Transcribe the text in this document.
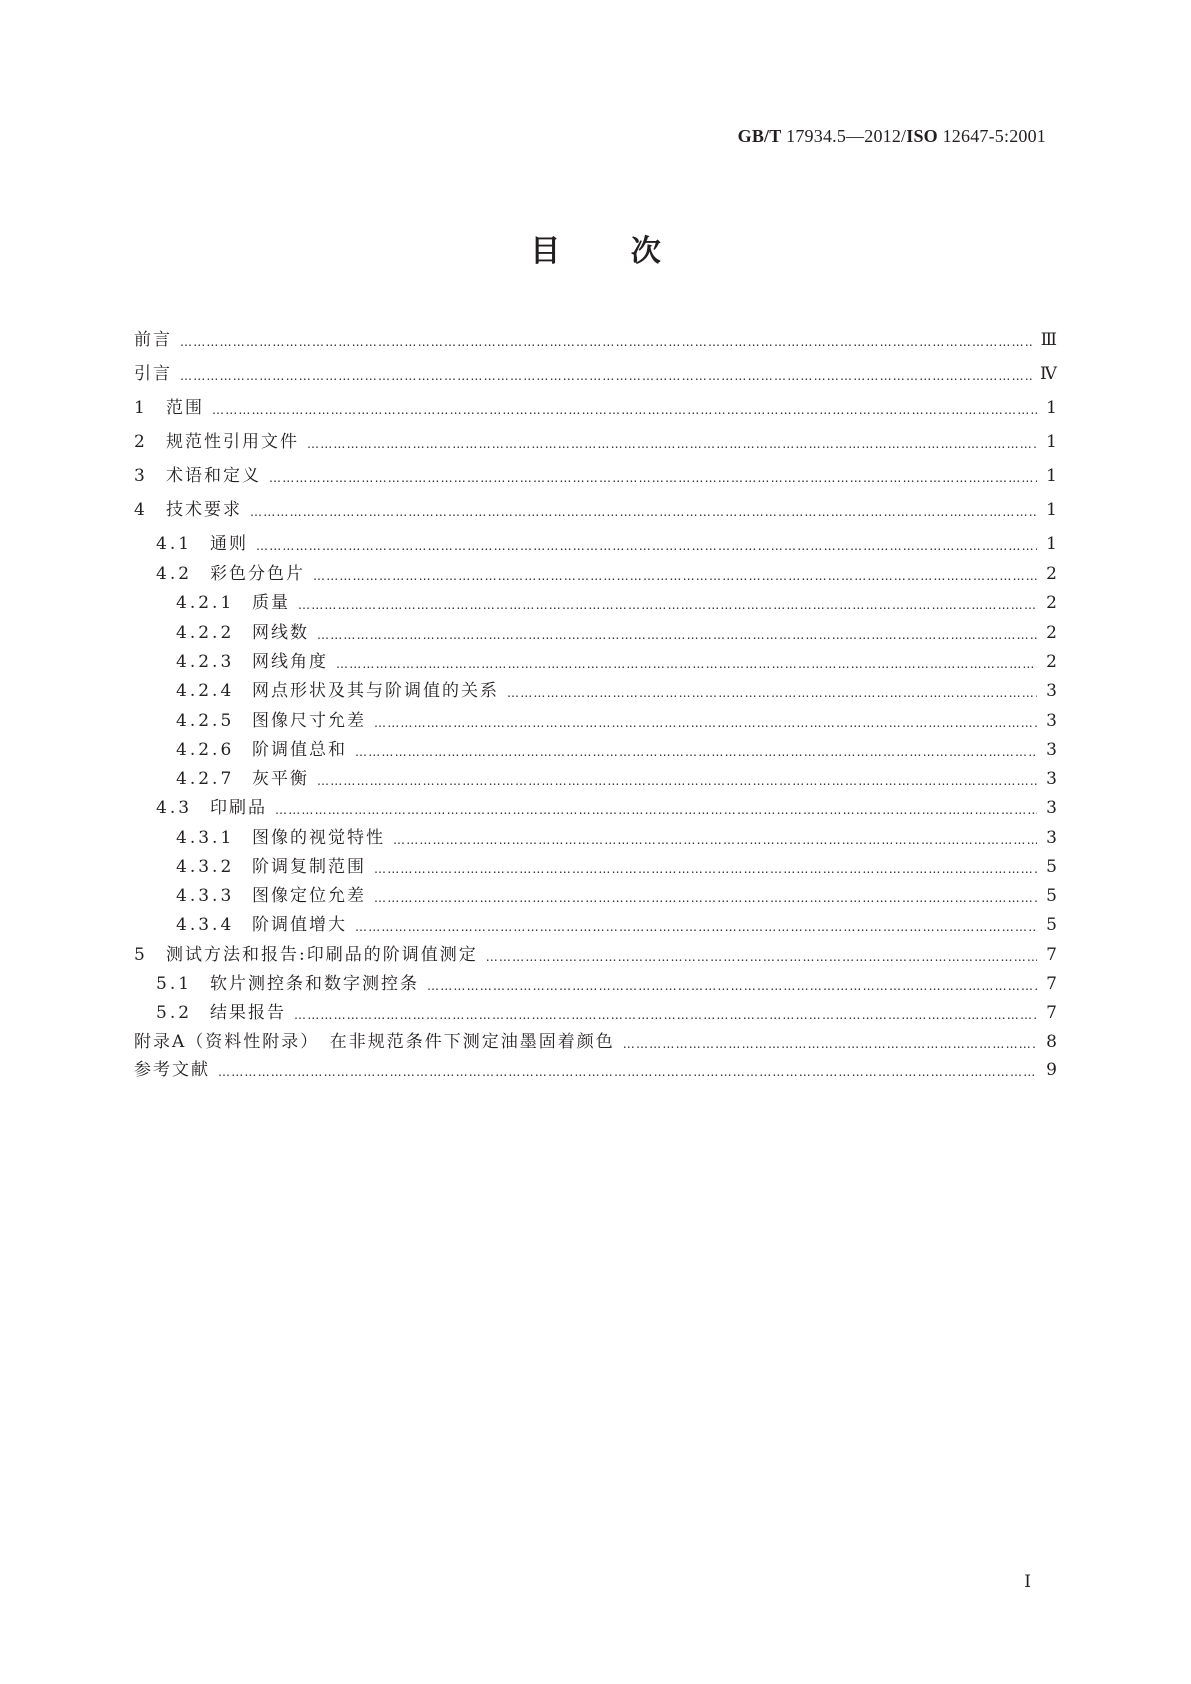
GB/T 17934.5—2012/ISO 12647-5:2001
目 次
前言 ……………………………………………………………………………………………………………………………………………………………………………………………………………………………………	Ⅲ
引言 ……………………………………………………………………………………………………………………………………………………………………………………………………………………………………	Ⅳ
1	范围 ……………………………………………………………………………………………………………………………………………………………………………………………………………………………………	1
2	规范性引用文件 ……………………………………………………………………………………………………………………………………………………………………………………………………………………………………	1
3	术语和定义 ……………………………………………………………………………………………………………………………………………………………………………………………………………………………………	1
4	技术要求 ……………………………………………………………………………………………………………………………………………………………………………………………………………………………………	1
4.1	通则 ……………………………………………………………………………………………………………………………………………………………………………………………………………………………………	1
4.2	彩色分色片 ……………………………………………………………………………………………………………………………………………………………………………………………………………………………………	2
4.2.1	质量 ……………………………………………………………………………………………………………………………………………………………………………………………………………………………………	2
4.2.2	网线数 ……………………………………………………………………………………………………………………………………………………………………………………………………………………………………	2
4.2.3	网线角度 ……………………………………………………………………………………………………………………………………………………………………………………………………………………………………	2
4.2.4	网点形状及其与阶调值的关系 ……………………………………………………………………………………………………………………………………………………………………………………………………………………………………	3
4.2.5	图像尺寸允差 ……………………………………………………………………………………………………………………………………………………………………………………………………………………………………	3
4.2.6	阶调值总和 ……………………………………………………………………………………………………………………………………………………………………………………………………………………………………	3
4.2.7	灰平衡 ……………………………………………………………………………………………………………………………………………………………………………………………………………………………………	3
4.3	印刷品 ……………………………………………………………………………………………………………………………………………………………………………………………………………………………………	3
4.3.1	图像的视觉特性 ……………………………………………………………………………………………………………………………………………………………………………………………………………………………………	3
4.3.2	阶调复制范围 ……………………………………………………………………………………………………………………………………………………………………………………………………………………………………	5
4.3.3	图像定位允差 ……………………………………………………………………………………………………………………………………………………………………………………………………………………………………	5
4.3.4	阶调值增大 ……………………………………………………………………………………………………………………………………………………………………………………………………………………………………	5
5	测试方法和报告:印刷品的阶调值测定 ……………………………………………………………………………………………………………………………………………………………………………………………………………………………………	7
5.1	软片测控条和数字测控条 ……………………………………………………………………………………………………………………………………………………………………………………………………………………………………	7
5.2	结果报告 ……………………………………………………………………………………………………………………………………………………………………………………………………………………………………	7
附录A（资料性附录）　在非规范条件下测定油墨固着颜色 ……………………………………………………………………………………………………………………………………………………………………………………………………………………………………	8
参考文献 ……………………………………………………………………………………………………………………………………………………………………………………………………………………………………	9
I
